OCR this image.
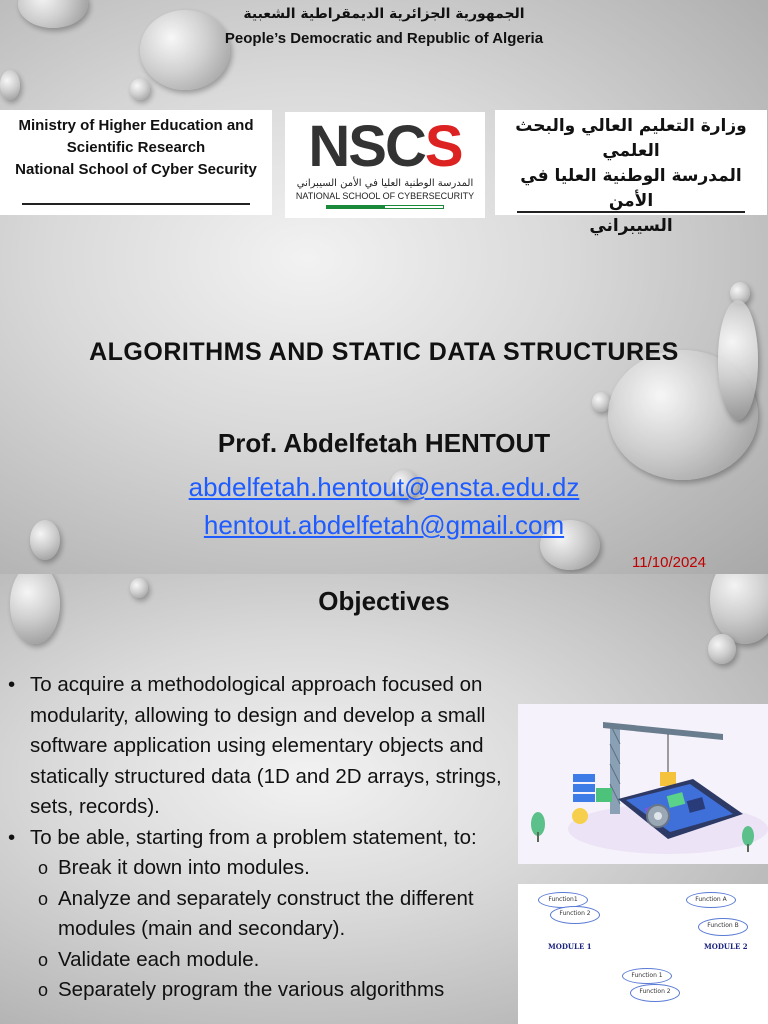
الجمهورية الجزائرية الديمقراطية الشعبية
People’s Democratic and Republic of Algeria
Ministry of Higher Education and
Scientific Research
National School of Cyber Security NSCS
المدرسة الوطنية العليا في الأمن السيبراني
NATIONAL SCHOOL OF CYBERSECURITY
وزارة التعليم العالي والبحث العلمي
المدرسة الوطنية العليا في الأمن
السيبراني
ALGORITHMS AND STATIC DATA STRUCTURES
Prof. Abdelfetah HENTOUT
abdelfetah.hentout@ensta.edu.dz
hentout.abdelfetah@gmail.com
11/10/2024
Objectives
• To acquire a methodological approach focused on modularity, allowing to design and develop a small software application using elementary objects and statically structured data (1D and 2D arrays, strings, sets, records).
• To be able, starting from a problem statement, to:
o Break it down into modules.
o Analyze and separately construct the different modules (main and secondary).
o Validate each module.
o Separately program the various algorithms
Function1
Function 2
MODULE 1
Function A
Function B
MODULE 2
Function 1
Function 2
